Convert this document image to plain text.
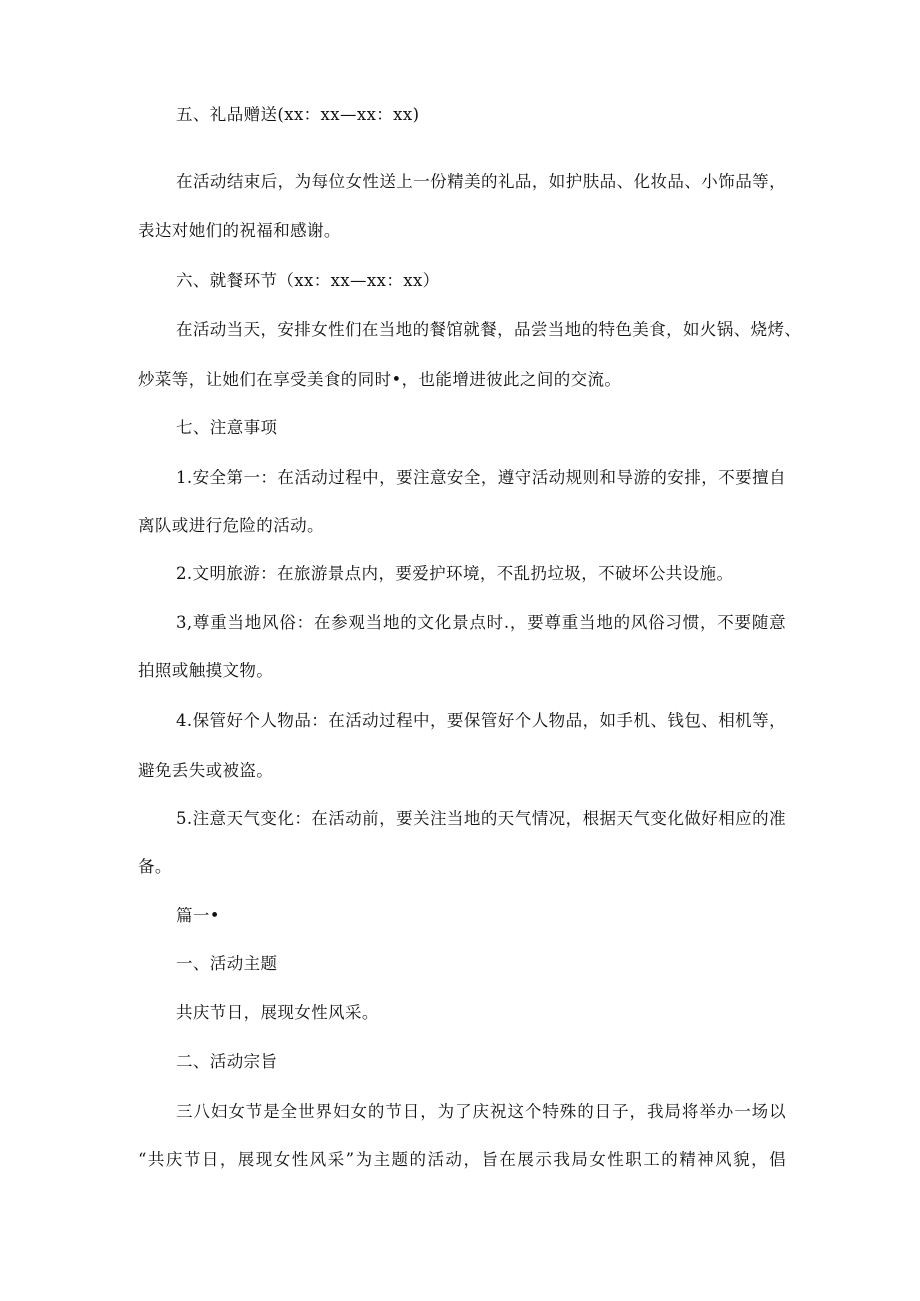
五、礼品赠送(xx：xx—xx：xx)
在活动结束后，为每位女性送上一份精美的礼品，如护肤品、化妆品、小饰品等，
表达对她们的祝福和感谢。
六、就餐环节（xx：xx—xx：xx）
在活动当天，安排女性们在当地的餐馆就餐，品尝当地的特色美食，如火锅、烧烤、
炒菜等，让她们在享受美食的同时•，也能增进彼此之间的交流。
七、注意事项
1.安全第一：在活动过程中，要注意安全，遵守活动规则和导游的安排，不要擅自
离队或进行危险的活动。
2.文明旅游：在旅游景点内，要爱护环境，不乱扔垃圾，不破坏公共设施。
3,尊重当地风俗：在参观当地的文化景点时.，要尊重当地的风俗习惯，不要随意
拍照或触摸文物。
4.保管好个人物品：在活动过程中，要保管好个人物品，如手机、钱包、相机等，
避免丢失或被盗。
5.注意天气变化：在活动前，要关注当地的天气情况，根据天气变化做好相应的准
备。
篇一•
一、活动主题
共庆节日，展现女性风采。
二、活动宗旨
三八妇女节是全世界妇女的节日，为了庆祝这个特殊的日子，我局将举办一场以
“共庆节日，展现女性风采”为主题的活动，旨在展示我局女性职工的精神风貌，倡
